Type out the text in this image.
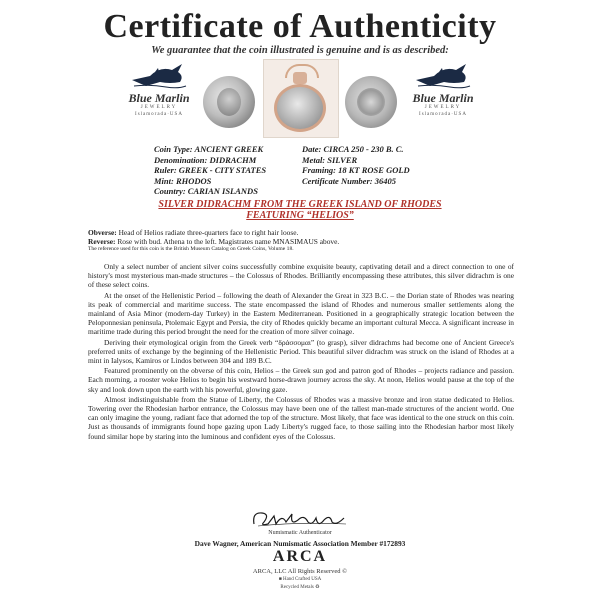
Certificate of Authenticity
We guarantee that the coin illustrated is genuine and is as described:
Blue Marlin
JEWELRY
Islamorada·USA
Blue Marlin
JEWELRY
Islamorada·USA
Coin Type: ANCIENT GREEK
Denomination: DIDRACHM
Ruler: GREEK - CITY STATES
Mint: RHODOS
Country: CARIAN ISLANDS
Date: CIRCA 250 - 230 B. C.
Metal: SILVER
Framing: 18 KT ROSE GOLD
Certificate Number: 36405
SILVER DIDRACHM FROM THE GREEK ISLAND OF RHODES
FEATURING “HELIOS”
Obverse: Head of Helios radiate three-quarters face to right hair loose.
Reverse: Rose with bud. Athena to the left. Magistrates name MNASIMAUS above.
The reference used for this coin is the British Museum Catalog on Greek Coins, Volume 18.

Only a select number of ancient silver coins successfully combine exquisite beauty, captivating detail and a direct connection to one of history's most mysterious man-made structures – the Colossus of Rhodes. Brilliantly encompassing these attributes, this silver didrachm is one of these select coins.

At the onset of the Hellenistic Period – following the death of Alexander the Great in 323 B.C. – the Dorian state of Rhodes was nearing its peak of commercial and maritime success. The state encompassed the island of Rhodes and numerous smaller settlements along the mainland of Asia Minor (modern-day Turkey) in the Eastern Mediterranean. Positioned in a geographically strategic location between the Peloponnesian peninsula, Ptolemaic Egypt and Persia, the city of Rhodes quickly became an important cultural Mecca. A significant increase in maritime trade during this period brought the need for the creation of more silver coinage.

Deriving their etymological origin from the Greek verb “δράσσομαι” (to grasp), silver didrachms had become one of Ancient Greece's preferred units of exchange by the beginning of the Hellenistic Period. This beautiful silver didrachm was struck on the island of Rhodes at a mint in Ialysos, Kamiros or Lindos between 304 and 189 B.C.

Featured prominently on the obverse of this coin, Helios – the Greek sun god and patron god of Rhodes – projects radiance and passion. Each morning, a rooster woke Helios to begin his westward horse-drawn journey across the sky. At noon, Helios would pause at the top of the sky and look down upon the earth with his powerful, glowing gaze.

Almost indistinguishable from the Statue of Liberty, the Colossus of Rhodes was a massive bronze and iron statue dedicated to Helios. Towering over the Rhodesian harbor entrance, the Colossus may have been one of the tallest man-made structures of the ancient world. One can only imagine the young, radiant face that adorned the top of the structure. Most likely, that face was identical to the one struck on this coin. Just as thousands of immigrants found hope gazing upon Lady Liberty's rugged face, to those sailing into the Rhodesian harbor most likely found similar hope by staring into the luminous and confident eyes of the Colossus.

Numismatic Authenticator
Dave Wagner, American Numismatic Association Member #172893
ARCA
ARCA, LLC All Rights Reserved ©
■ Hand Crafted USA
Recycled Metals ♻
